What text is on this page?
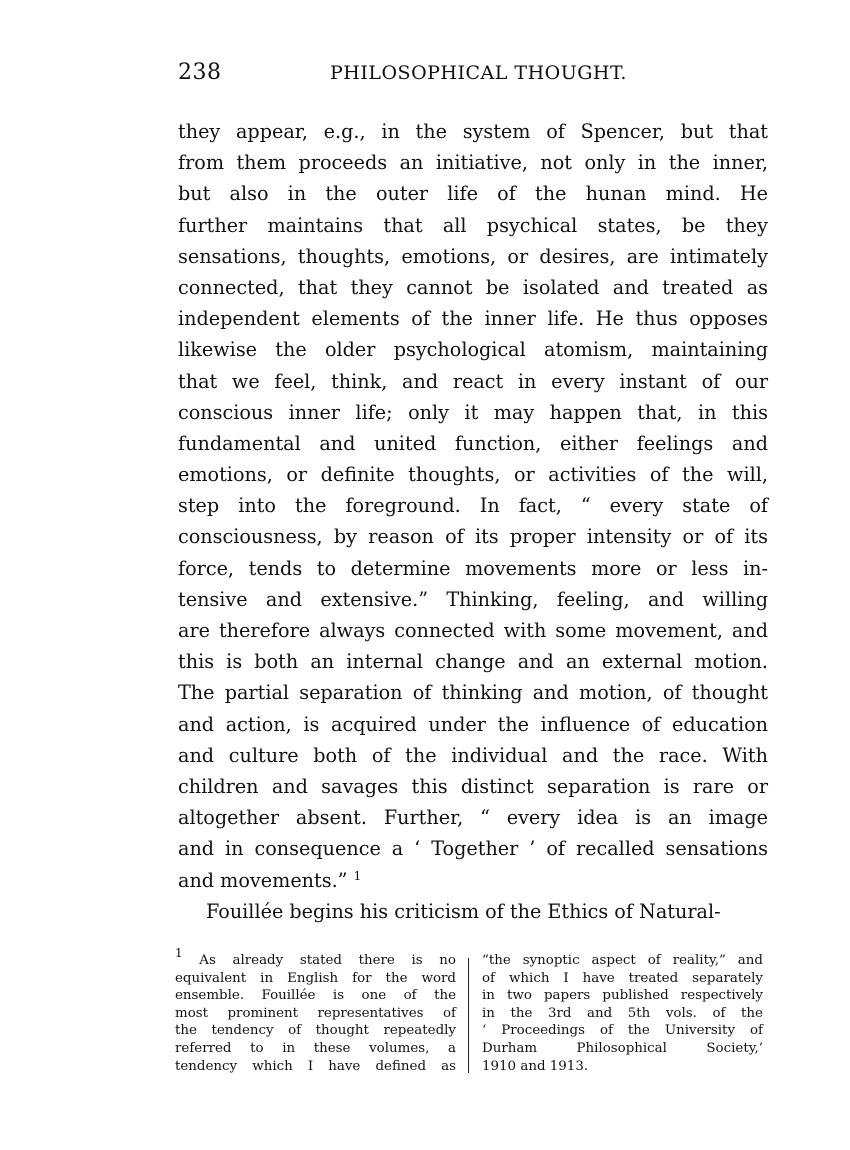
238	PHILOSOPHICAL THOUGHT.
they appear, e.g., in the system of Spencer, but that
from them proceeds an initiative, not only in the inner,
but also in the outer life of the hunan mind. He
further maintains that all psychical states, be they
sensations, thoughts, emotions, or desires, are intimately
connected, that they cannot be isolated and treated as
independent elements of the inner life. He thus opposes
likewise the older psychological atomism, maintaining
that we feel, think, and react in every instant of our
conscious inner life; only it may happen that, in this
fundamental and united function, either feelings and
emotions, or definite thoughts, or activities of the will,
step into the foreground. In fact, “ every state of
consciousness, by reason of its proper intensity or of its
force, tends to determine movements more or less in-
tensive and extensive.” Thinking, feeling, and willing
are therefore always connected with some movement, and
this is both an internal change and an external motion.
The partial separation of thinking and motion, of thought
and action, is acquired under the influence of education
and culture both of the individual and the race. With
children and savages this distinct separation is rare or
altogether absent. Further, “ every idea is an image
and in consequence a ‘ Together ’ of recalled sensations
and movements.” $^1$
Fouillée begins his criticism of the Ethics of Natural-
$^1$ As already stated there is no
equivalent in English for the word
ensemble. Fouillée is one of the
most prominent representatives of
the tendency of thought repeatedly
referred to in these volumes, a
tendency which I have defined as
“the synoptic aspect of reality,” and
of which I have treated separately
in two papers published respectively
in the 3rd and 5th vols. of the
‘ Proceedings of the University of
Durham Philosophical Society,’
1910 and 1913.
